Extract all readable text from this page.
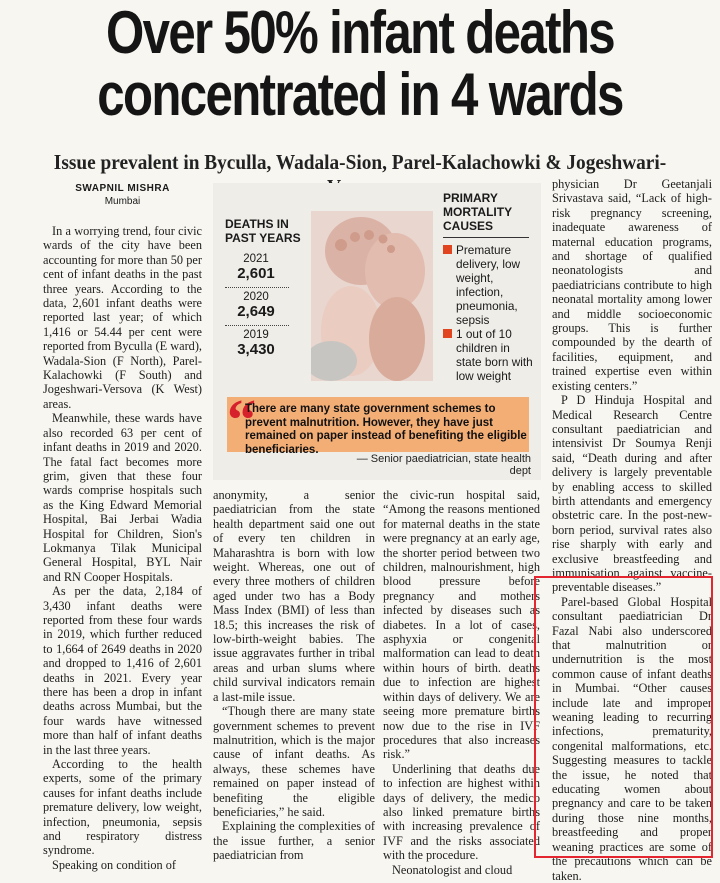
Over 50% infant deaths
concentrated in 4 wards
Issue prevalent in Byculla, Wadala-Sion, Parel-Kalachowki & Jogeshwari-
SWAPNIL MISHRA
Mumbai

In a worrying trend, four civic wards of the city have been accounting for more than 50 per cent of infant deaths in the past three years. According to the data, 2,601 infant deaths were reported last year; of which 1,416 or 54.44 per cent were reported from Byculla (E ward), Wadala-Sion (F North), Parel-Kalachowki (F South) and Jogeshwari-Versova (K West) areas.

Meanwhile, these wards have also recorded 63 per cent of infant deaths in 2019 and 2020. The fatal fact becomes more grim, given that these four wards comprise hospitals such as the King Edward Memorial Hospital, Bai Jerbai Wadia Hospital for Children, Sion's Lokmanya Tilak Municipal General Hospital, BYL Nair and RN Cooper Hospitals.

As per the data, 2,184 of 3,430 infant deaths were reported from these four wards in 2019, which further reduced to 1,664 of 2649 deaths in 2020 and dropped to 1,416 of 2,601 deaths in 2021. Every year there has been a drop in infant deaths across Mumbai, but the four wards have witnessed more than half of infant deaths in the last three years.

According to the health experts, some of the primary causes for infant deaths include premature delivery, low weight, infection, pneumonia, sepsis and respiratory distress syndrome.

Speaking on condition of

DEATHS IN PAST YEARS
2021
2,601
2020
2,649
2019
3,430
PRIMARY MORTALITY CAUSES
Premature delivery, low weight, infection, pneumonia, sepsis
1 out of 10 children in state born with low weight
“
There are many state government schemes to prevent malnutrition. However, they have just remained on paper instead of benefiting the eligible beneficiaries.
— Senior paediatrician, state health dept

anonymity, a senior paediatrician from the state health department said one out of every ten children in Maharashtra is born with low weight. Whereas, one out of every three mothers of children aged under two has a Body Mass Index (BMI) of less than 18.5; this increases the risk of low-birth-weight babies. The issue aggravates further in tribal areas and urban slums where child survival indicators remain a last-mile issue.

“Though there are many state government schemes to prevent malnutrition, which is the major cause of infant deaths. As always, these schemes have remained on paper instead of benefiting the eligible beneficiaries,” he said.

Explaining the complexities of the issue further, a senior paediatrician from

the civic-run hospital said, “Among the reasons mentioned for maternal deaths in the state were pregnancy at an early age, the shorter period between two children, malnourishment, high blood pressure before pregnancy and mothers infected by diseases such as diabetes. In a lot of cases, asphyxia or congenital malformation can lead to death within hours of birth. deaths due to infection are highest within days of delivery. We are seeing more premature births now due to the rise in IVF procedures that also increases risk.”

Underlining that deaths due to infection are highest within days of delivery, the medico also linked premature births with increasing prevalence of IVF and the risks associated with the procedure.

Neonatologist and cloud

physician Dr Geetanjali Srivastava said, “Lack of high-risk pregnancy screening, inadequate awareness of maternal education programs, and shortage of qualified neonatologists and paediatricians contribute to high neonatal mortality among lower and middle socioeconomic groups. This is further compounded by the dearth of facilities, equipment, and trained expertise even within existing centers.”

P D Hinduja Hospital and Medical Research Centre consultant paediatrician and intensivist Dr Soumya Renji said, “Death during and after delivery is largely preventable by enabling access to skilled birth attendants and emergency obstetric care. In the post-new-born period, survival rates also rise sharply with early and exclusive breastfeeding and immunisation against vaccine-preventable diseases.”

Parel-based Global Hospital consultant paediatrician Dr Fazal Nabi also underscored that malnutrition or undernutrition is the most common cause of infant deaths in Mumbai. “Other causes include late and improper weaning leading to recurring infections, prematurity, congenital malformations, etc. Suggesting measures to tackle the issue, he noted that educating women about pregnancy and care to be taken during those nine months, breastfeeding and proper weaning practices are some of the precautions which can be taken.
